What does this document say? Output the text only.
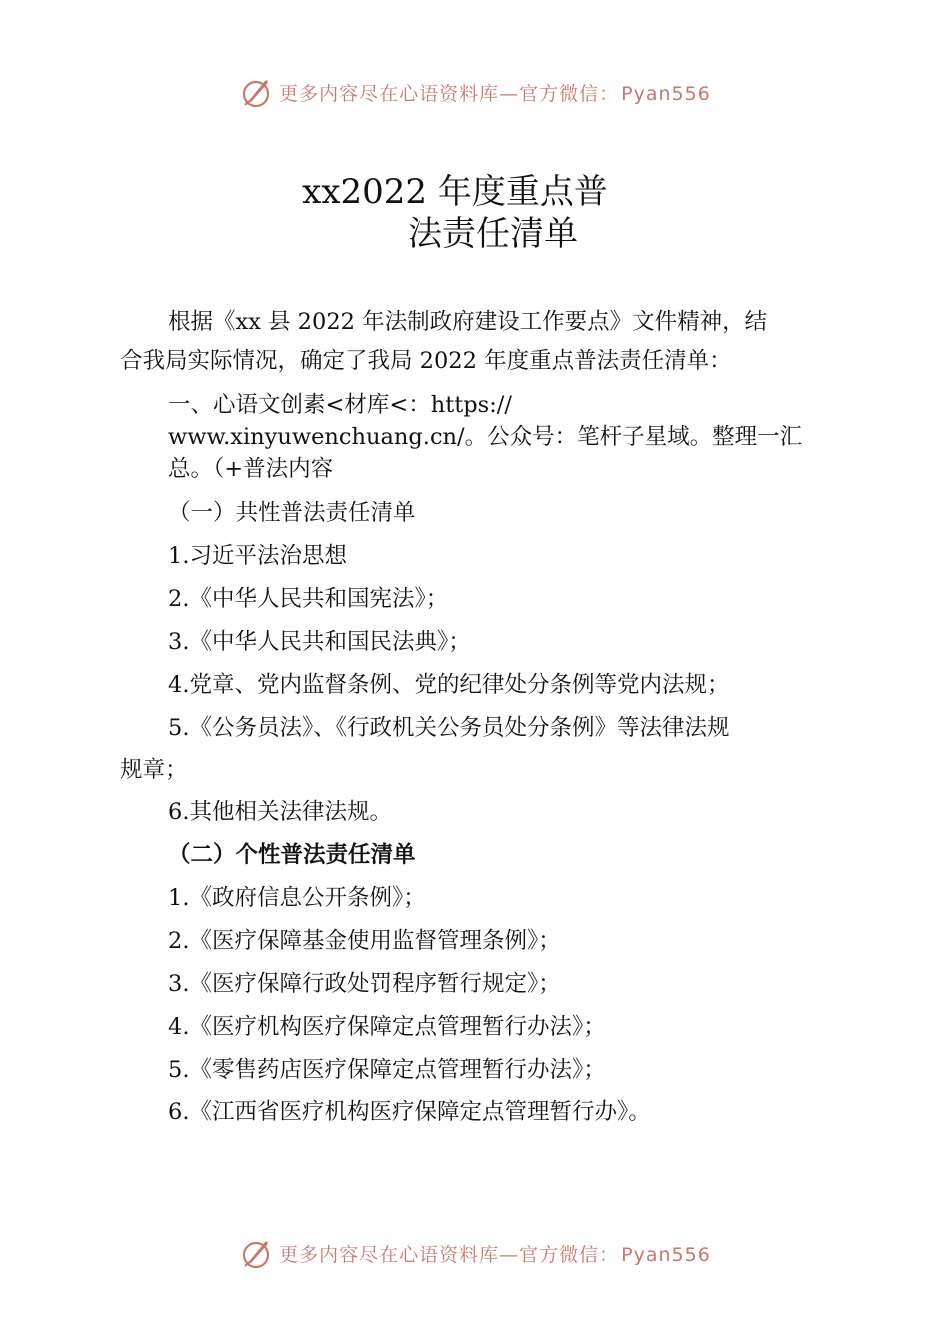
更多内容尽在心语资料库—官方微信： Pyan556
xx2022 年度重点普
法责任清单
根据《xx 县 2022 年法制政府建设工作要点》文件精神，结
合我局实际情况，确定了我局 2022 年度重点普法责任清单：
一、心语文创素<材库<：https://
www.xinyuwenchuang.cn/。公众号：笔杆子星域。整理一汇
总。（+普法内容
（一）共性普法责任清单
1.习近平法治思想
2.《中华人民共和国宪法》；
3.《中华人民共和国民法典》；
4.党章、党内监督条例、党的纪律处分条例等党内法规；
5.《公务员法》、《行政机关公务员处分条例》等法律法规
规章；
6.其他相关法律法规。
（二）个性普法责任清单
1.《政府信息公开条例》；
2.《医疗保障基金使用监督管理条例》；
3.《医疗保障行政处罚程序暂行规定》；
4.《医疗机构医疗保障定点管理暂行办法》；
5.《零售药店医疗保障定点管理暂行办法》；
6.《江西省医疗机构医疗保障定点管理暂行办》。
更多内容尽在心语资料库—官方微信： Pyan556
